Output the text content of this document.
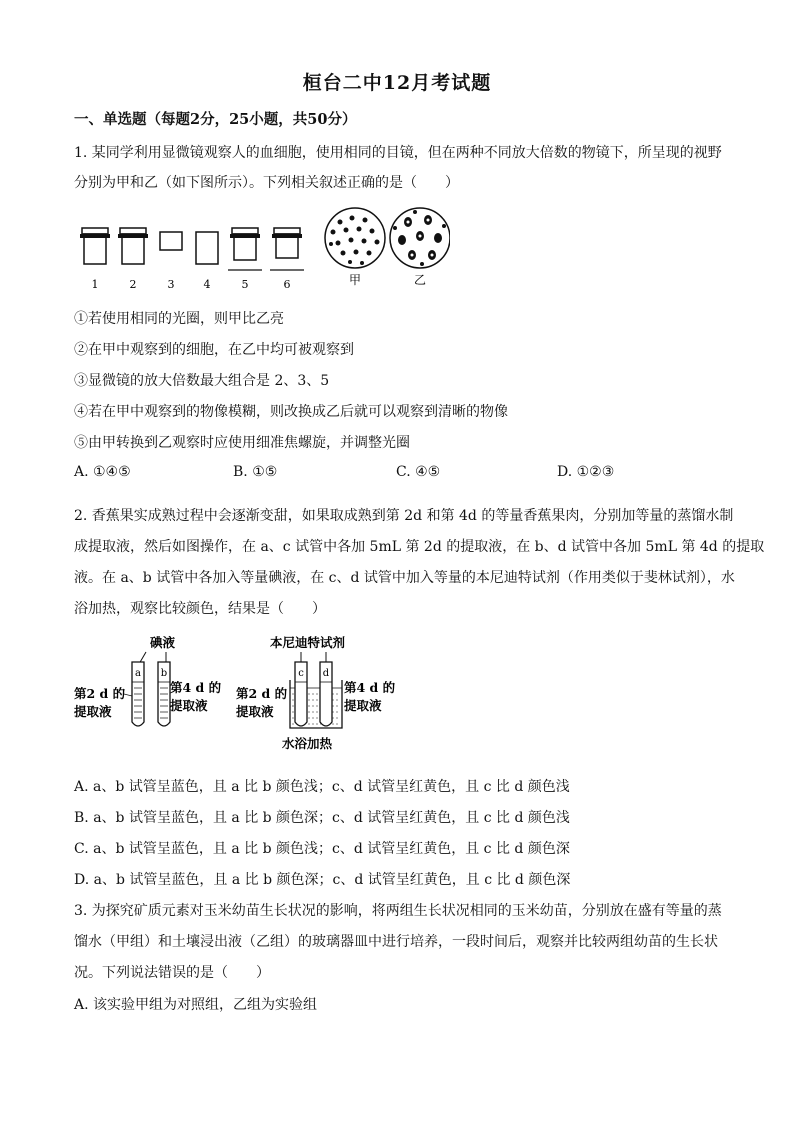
桓台二中12月考试题
一、单选题（每题2分，25小题，共50分）
1. 某同学利用显微镜观察人的血细胞，使用相同的目镜，但在两种不同放大倍数的物镜下，所呈现的视野
分别为甲和乙（如下图所示）。下列相关叙述正确的是（　　）
1	2	3	4	5	6	甲	乙
①若使用相同的光圈，则甲比乙亮
②在甲中观察到的细胞，在乙中均可被观察到
③显微镜的放大倍数最大组合是 2、3、5
④若在甲中观察到的物像模糊，则改换成乙后就可以观察到清晰的物像
⑤由甲转换到乙观察时应使用细准焦螺旋，并调整光圈
A. ①④⑤	B. ①⑤	C. ④⑤	D. ①②③
2. 香蕉果实成熟过程中会逐渐变甜，如果取成熟到第 2d 和第 4d 的等量香蕉果肉，分别加等量的蒸馏水制
成提取液，然后如图操作，在 a、c 试管中各加 5mL 第 2d 的提取液，在 b、d 试管中各加 5mL 第 4d 的提取
液。在 a、b 试管中各加入等量碘液，在 c、d 试管中加入等量的本尼迪特试剂（作用类似于斐林试剂），水
浴加热，观察比较颜色，结果是（　　）
碘液
a b
第2 d 的
提取液
第4 d 的
提取液
本尼迪特试剂
c d
第2 d 的
提取液
第4 d 的
提取液
水浴加热
A. a、b 试管呈蓝色，且 a 比 b 颜色浅；c、d 试管呈红黄色，且 c 比 d 颜色浅
B. a、b 试管呈蓝色，且 a 比 b 颜色深；c、d 试管呈红黄色，且 c 比 d 颜色浅
C. a、b 试管呈蓝色，且 a 比 b 颜色浅；c、d 试管呈红黄色，且 c 比 d 颜色深
D. a、b 试管呈蓝色，且 a 比 b 颜色深；c、d 试管呈红黄色，且 c 比 d 颜色深
3. 为探究矿质元素对玉米幼苗生长状况的影响，将两组生长状况相同的玉米幼苗，分别放在盛有等量的蒸
馏水（甲组）和土壤浸出液（乙组）的玻璃器皿中进行培养，一段时间后，观察并比较两组幼苗的生长状
况。下列说法错误的是（　　）
A. 该实验甲组为对照组，乙组为实验组
